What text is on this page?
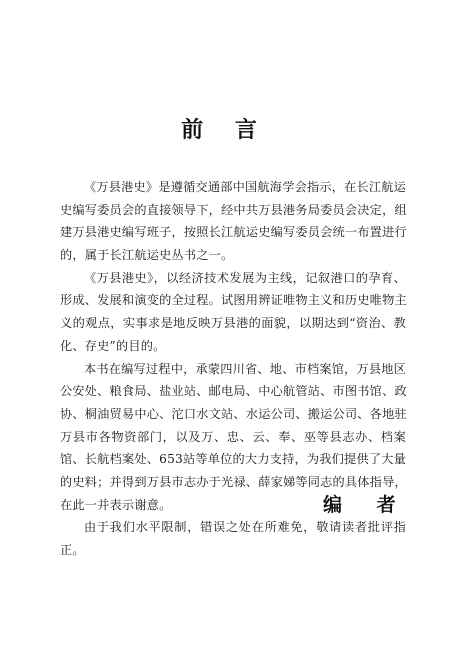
前 言
《万县港史》是遵循交通部中国航海学会指示，在长江航运
史编写委员会的直接领导下，经中共万县港务局委员会决定，组
建万县港史编写班子，按照长江航运史编写委员会统一布置进行
的，属于长江航运史丛书之一。
《万县港史》，以经济技术发展为主线，记叙港口的孕育、
形成、发展和演变的全过程。试图用辨证唯物主义和历史唯物主
义的观点，实事求是地反映万县港的面貌，以期达到“资治、教
化、存史”的目的。
本书在编写过程中，承蒙四川省、地、市档案馆，万县地区
公安处、粮食局、盐业站、邮电局、中心航管站、市图书馆、政
协、桐油贸易中心、沱口水文站、水运公司、搬运公司、各地驻
万县市各物资部门，以及万、忠、云、奉、巫等县志办、档案
馆、长航档案处、653站等单位的大力支持，为我们提供了大量
的史料；并得到万县市志办于光禄、薛家娣等同志的具体指导，
在此一并表示谢意。
由于我们水平限制，错误之处在所难免，敬请读者批评指
正。
编 者
